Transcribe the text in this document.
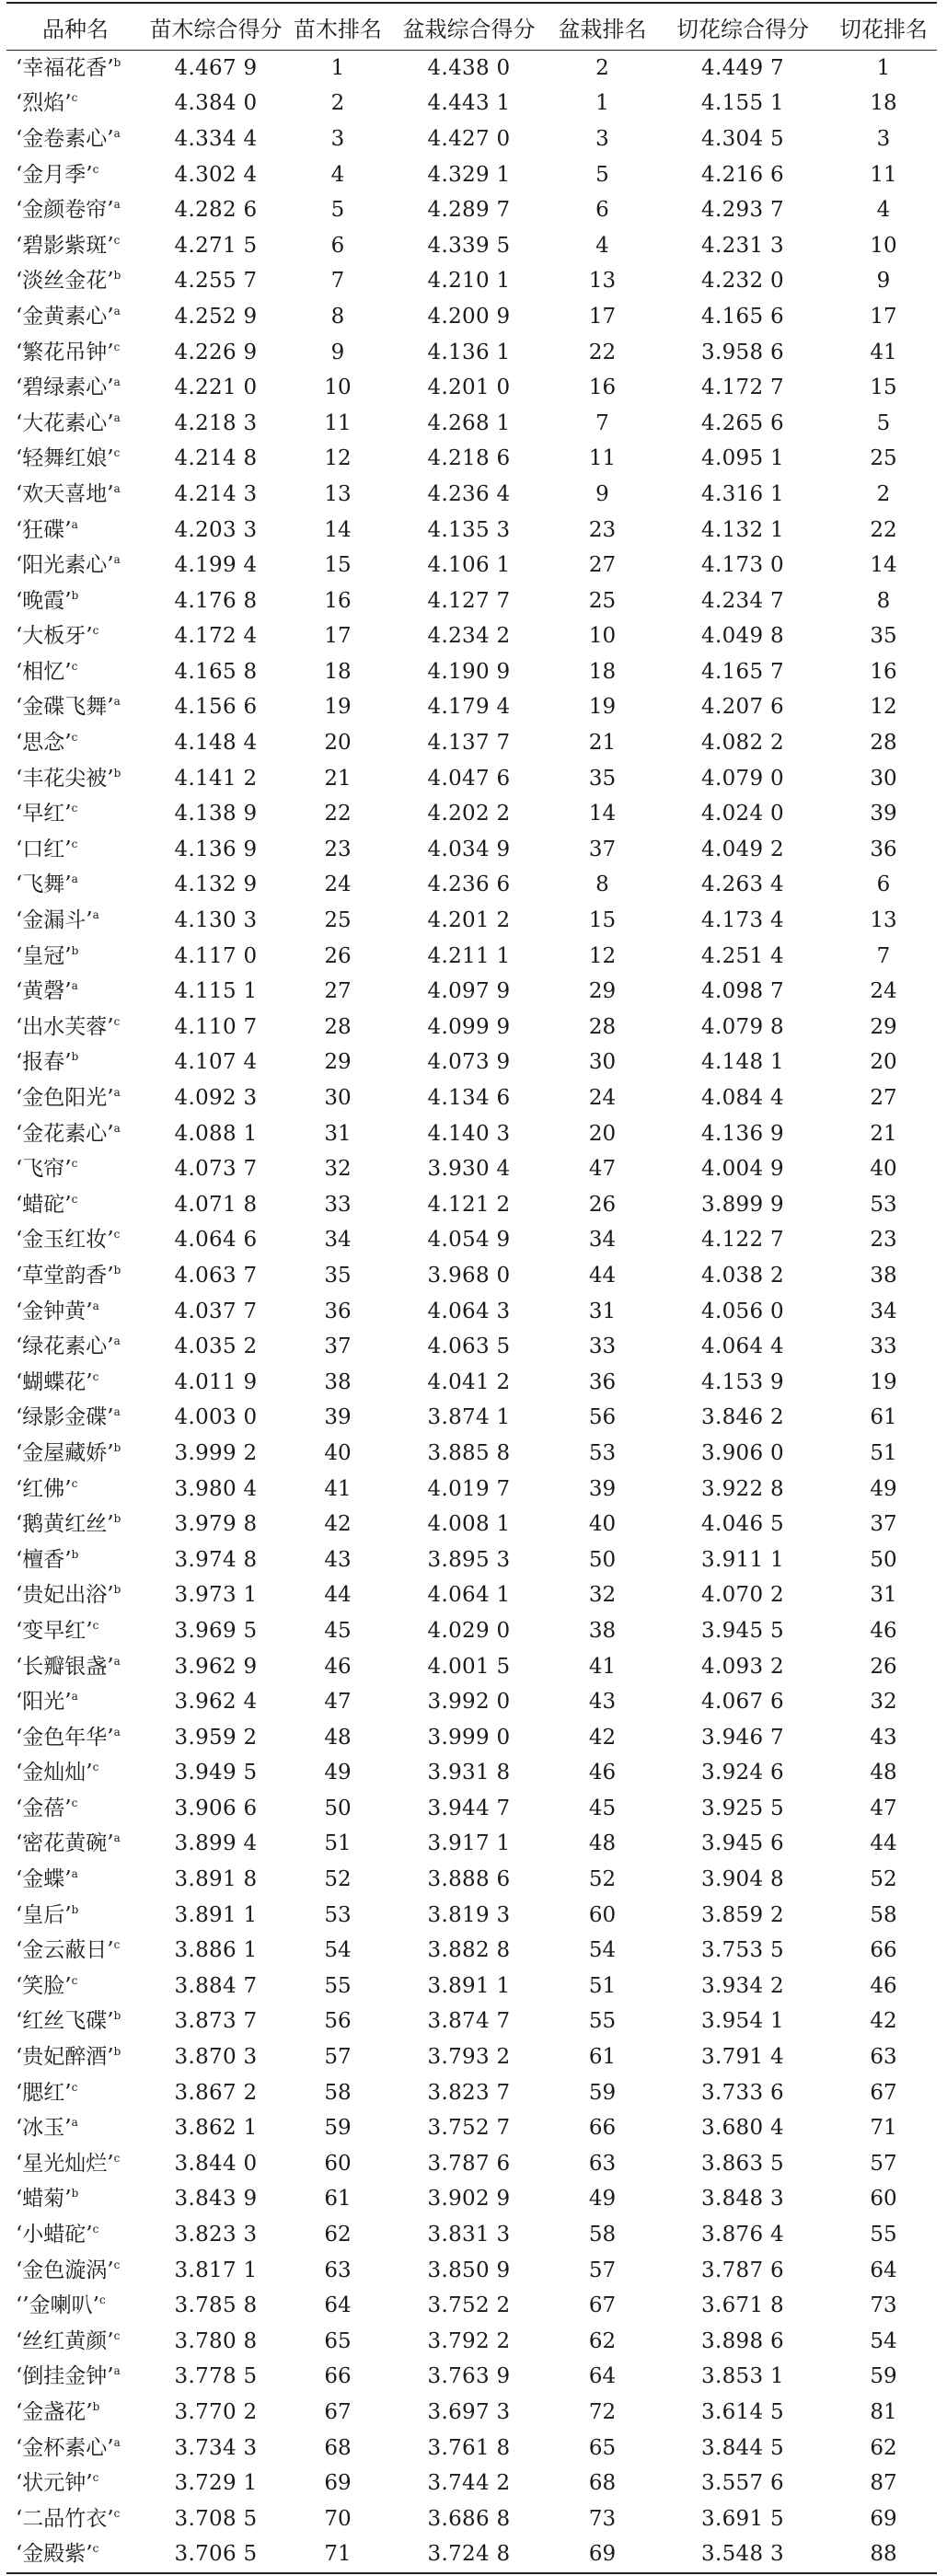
品种名	苗木综合得分	苗木排名	盆栽综合得分	盆栽排名	切花综合得分	切花排名
‘幸福花香’$^b$	4.467 9	1	4.438 0	2	4.449 7	1
‘烈焰’$^c$	4.384 0	2	4.443 1	1	4.155 1	18
‘金卷素心’$^a$	4.334 4	3	4.427 0	3	4.304 5	3
‘金月季’$^c$	4.302 4	4	4.329 1	5	4.216 6	11
‘金颜卷帘’$^a$	4.282 6	5	4.289 7	6	4.293 7	4
‘碧影紫斑’$^c$	4.271 5	6	4.339 5	4	4.231 3	10
‘淡丝金花’$^b$	4.255 7	7	4.210 1	13	4.232 0	9
‘金黄素心’$^a$	4.252 9	8	4.200 9	17	4.165 6	17
‘繁花吊钟’$^c$	4.226 9	9	4.136 1	22	3.958 6	41
‘碧绿素心’$^a$	4.221 0	10	4.201 0	16	4.172 7	15
‘大花素心’$^a$	4.218 3	11	4.268 1	7	4.265 6	5
‘轻舞红娘’$^c$	4.214 8	12	4.218 6	11	4.095 1	25
‘欢天喜地’$^a$	4.214 3	13	4.236 4	9	4.316 1	2
‘狂碟’$^a$	4.203 3	14	4.135 3	23	4.132 1	22
‘阳光素心’$^a$	4.199 4	15	4.106 1	27	4.173 0	14
‘晚霞’$^b$	4.176 8	16	4.127 7	25	4.234 7	8
‘大板牙’$^c$	4.172 4	17	4.234 2	10	4.049 8	35
‘相忆’$^c$	4.165 8	18	4.190 9	18	4.165 7	16
‘金碟飞舞’$^a$	4.156 6	19	4.179 4	19	4.207 6	12
‘思念’$^c$	4.148 4	20	4.137 7	21	4.082 2	28
‘丰花尖被’$^b$	4.141 2	21	4.047 6	35	4.079 0	30
‘早红’$^c$	4.138 9	22	4.202 2	14	4.024 0	39
‘口红’$^c$	4.136 9	23	4.034 9	37	4.049 2	36
‘飞舞’$^a$	4.132 9	24	4.236 6	8	4.263 4	6
‘金漏斗’$^a$	4.130 3	25	4.201 2	15	4.173 4	13
‘皇冠’$^b$	4.117 0	26	4.211 1	12	4.251 4	7
‘黄磬’$^a$	4.115 1	27	4.097 9	29	4.098 7	24
‘出水芙蓉’$^c$	4.110 7	28	4.099 9	28	4.079 8	29
‘报春’$^b$	4.107 4	29	4.073 9	30	4.148 1	20
‘金色阳光’$^a$	4.092 3	30	4.134 6	24	4.084 4	27
‘金花素心’$^a$	4.088 1	31	4.140 3	20	4.136 9	21
‘飞帘’$^c$	4.073 7	32	3.930 4	47	4.004 9	40
‘蜡砣’$^c$	4.071 8	33	4.121 2	26	3.899 9	53
‘金玉红妆’$^c$	4.064 6	34	4.054 9	34	4.122 7	23
‘草堂韵香’$^b$	4.063 7	35	3.968 0	44	4.038 2	38
‘金钟黄’$^a$	4.037 7	36	4.064 3	31	4.056 0	34
‘绿花素心’$^a$	4.035 2	37	4.063 5	33	4.064 4	33
‘蝴蝶花’$^c$	4.011 9	38	4.041 2	36	4.153 9	19
‘绿影金碟’$^a$	4.003 0	39	3.874 1	56	3.846 2	61
‘金屋藏娇’$^b$	3.999 2	40	3.885 8	53	3.906 0	51
‘红佛’$^c$	3.980 4	41	4.019 7	39	3.922 8	49
‘鹅黄红丝’$^b$	3.979 8	42	4.008 1	40	4.046 5	37
‘檀香’$^b$	3.974 8	43	3.895 3	50	3.911 1	50
‘贵妃出浴’$^b$	3.973 1	44	4.064 1	32	4.070 2	31
‘变早红’$^c$	3.969 5	45	4.029 0	38	3.945 5	46
‘长瓣银盏’$^a$	3.962 9	46	4.001 5	41	4.093 2	26
‘阳光’$^a$	3.962 4	47	3.992 0	43	4.067 6	32
‘金色年华’$^a$	3.959 2	48	3.999 0	42	3.946 7	43
‘金灿灿’$^c$	3.949 5	49	3.931 8	46	3.924 6	48
‘金蓓’$^c$	3.906 6	50	3.944 7	45	3.925 5	47
‘密花黄碗’$^a$	3.899 4	51	3.917 1	48	3.945 6	44
‘金蝶’$^a$	3.891 8	52	3.888 6	52	3.904 8	52
‘皇后’$^b$	3.891 1	53	3.819 3	60	3.859 2	58
‘金云蔽日’$^c$	3.886 1	54	3.882 8	54	3.753 5	66
‘笑脸’$^c$	3.884 7	55	3.891 1	51	3.934 2	46
‘红丝飞碟’$^b$	3.873 7	56	3.874 7	55	3.954 1	42
‘贵妃醉酒’$^b$	3.870 3	57	3.793 2	61	3.791 4	63
‘腮红’$^c$	3.867 2	58	3.823 7	59	3.733 6	67
‘冰玉’$^a$	3.862 1	59	3.752 7	66	3.680 4	71
‘星光灿烂’$^c$	3.844 0	60	3.787 6	63	3.863 5	57
‘蜡菊’$^b$	3.843 9	61	3.902 9	49	3.848 3	60
‘小蜡砣’$^c$	3.823 3	62	3.831 3	58	3.876 4	55
‘金色漩涡’$^c$	3.817 1	63	3.850 9	57	3.787 6	64
‘’金喇叭’$^c$	3.785 8	64	3.752 2	67	3.671 8	73
‘丝红黄颜’$^c$	3.780 8	65	3.792 2	62	3.898 6	54
‘倒挂金钟’$^a$	3.778 5	66	3.763 9	64	3.853 1	59
‘金盏花’$^b$	3.770 2	67	3.697 3	72	3.614 5	81
‘金杯素心’$^a$	3.734 3	68	3.761 8	65	3.844 5	62
‘状元钟’$^c$	3.729 1	69	3.744 2	68	3.557 6	87
‘二品竹衣’$^c$	3.708 5	70	3.686 8	73	3.691 5	69
‘金殿紫’$^c$	3.706 5	71	3.724 8	69	3.548 3	88
